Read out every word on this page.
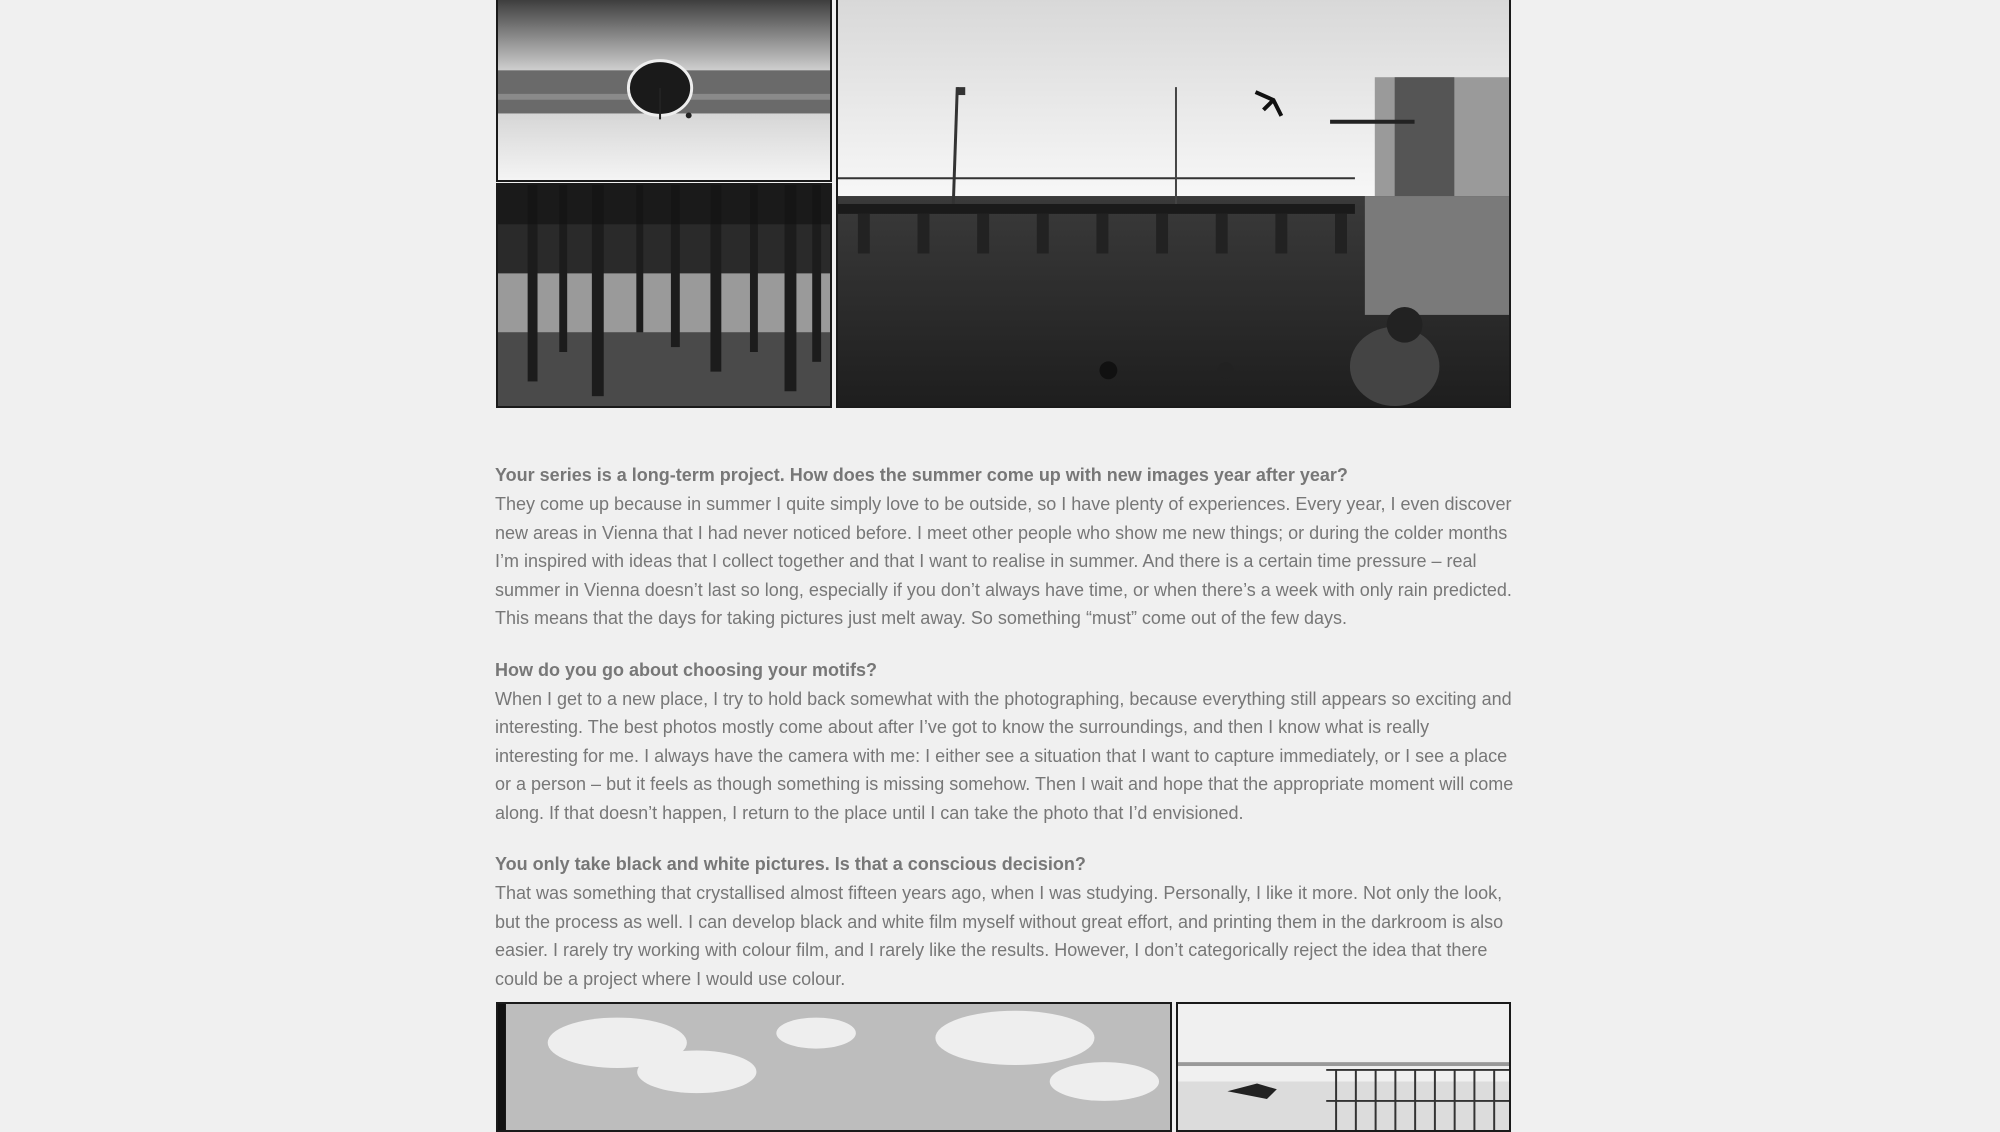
Your series is a long-term project. How does the summer come up with new images year after year?

They come up because in summer I quite simply love to be outside, so I have plenty of experiences. Every year, I even discover new areas in Vienna that I had never noticed before. I meet other people who show me new things; or during the colder months I’m inspired with ideas that I collect together and that I want to realise in summer. And there is a certain time pressure – real summer in Vienna doesn’t last so long, especially if you don’t always have time, or when there’s a week with only rain predicted. This means that the days for taking pictures just melt away. So something “must” come out of the few days.

How do you go about choosing your motifs?

When I get to a new place, I try to hold back somewhat with the photographing, because everything still appears so exciting and interesting. The best photos mostly come about after I’ve got to know the surroundings, and then I know what is really interesting for me. I always have the camera with me: I either see a situation that I want to capture immediately, or I see a place or a person – but it feels as though something is missing somehow. Then I wait and hope that the appropriate moment will come along. If that doesn’t happen, I return to the place until I can take the photo that I’d envisioned.

You only take black and white pictures. Is that a conscious decision?

That was something that crystallised almost fifteen years ago, when I was studying. Personally, I like it more. Not only the look, but the process as well. I can develop black and white film myself without great effort, and printing them in the darkroom is also easier. I rarely try working with colour film, and I rarely like the results. However, I don’t categorically reject the idea that there could be a project where I would use colour.
